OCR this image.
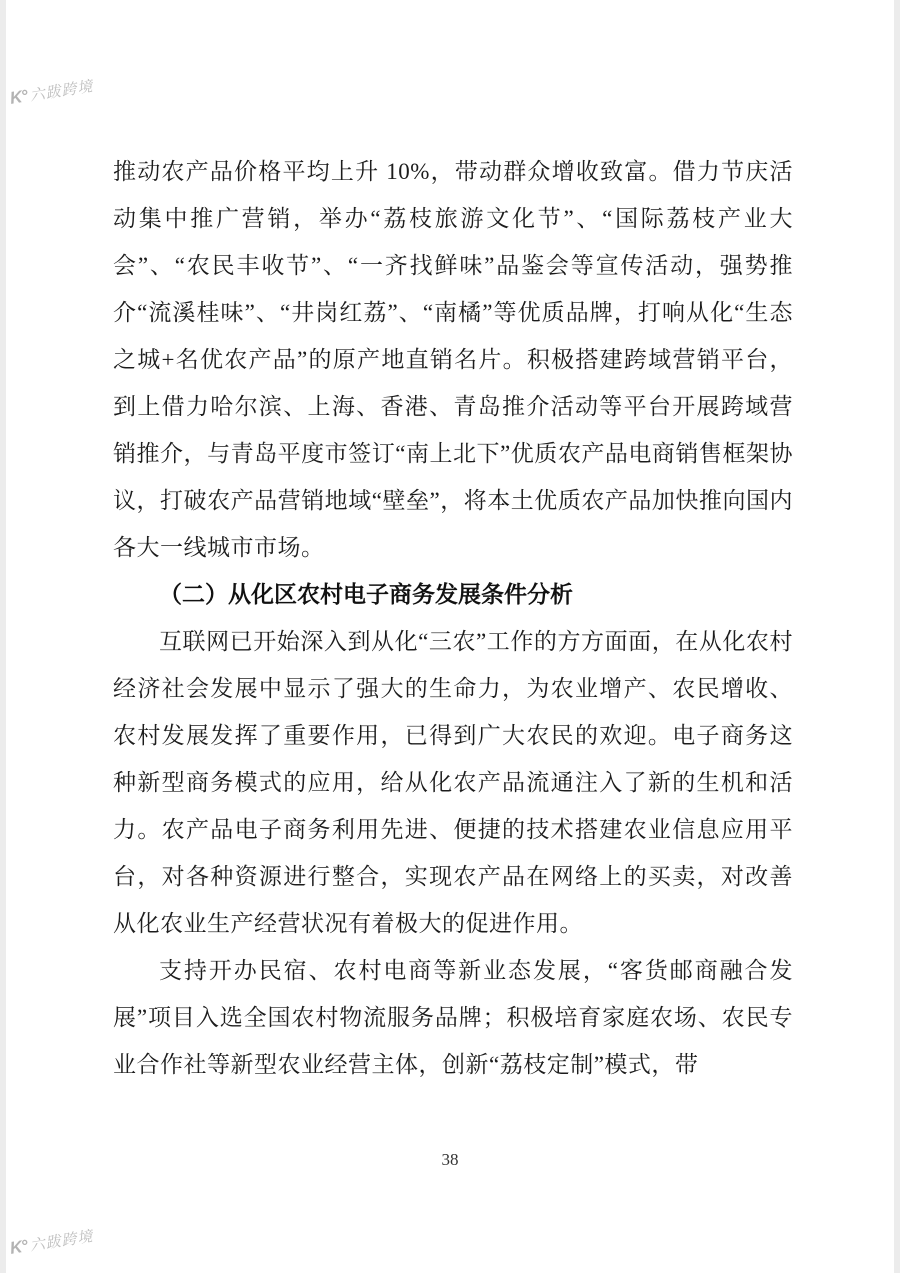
K° 六跋跨境

推动农产品价格平均上升 10%，带动群众增收致富。借力节庆活动集中推广营销，举办“荔枝旅游文化节”、“国际荔枝产业大会”、“农民丰收节”、“一齐找鲜味”品鉴会等宣传活动，强势推介“流溪桂味”、“井岗红荔”、“南橘”等优质品牌，打响从化“生态之城+名优农产品”的原产地直销名片。积极搭建跨域营销平台，到上借力哈尔滨、上海、香港、青岛推介活动等平台开展跨域营销推介，与青岛平度市签订“南上北下”优质农产品电商销售框架协议，打破农产品营销地域“壁垒”，将本土优质农产品加快推向国内各大一线城市市场。

（二）从化区农村电子商务发展条件分析

互联网已开始深入到从化“三农”工作的方方面面，在从化农村经济社会发展中显示了强大的生命力，为农业增产、农民增收、农村发展发挥了重要作用，已得到广大农民的欢迎。电子商务这种新型商务模式的应用，给从化农产品流通注入了新的生机和活力。农产品电子商务利用先进、便捷的技术搭建农业信息应用平台，对各种资源进行整合，实现农产品在网络上的买卖，对改善从化农业生产经营状况有着极大的促进作用。

支持开办民宿、农村电商等新业态发展，“客货邮商融合发展”项目入选全国农村物流服务品牌；积极培育家庭农场、农民专业合作社等新型农业经营主体，创新“荔枝定制”模式，带

38
K° 六跋跨境
